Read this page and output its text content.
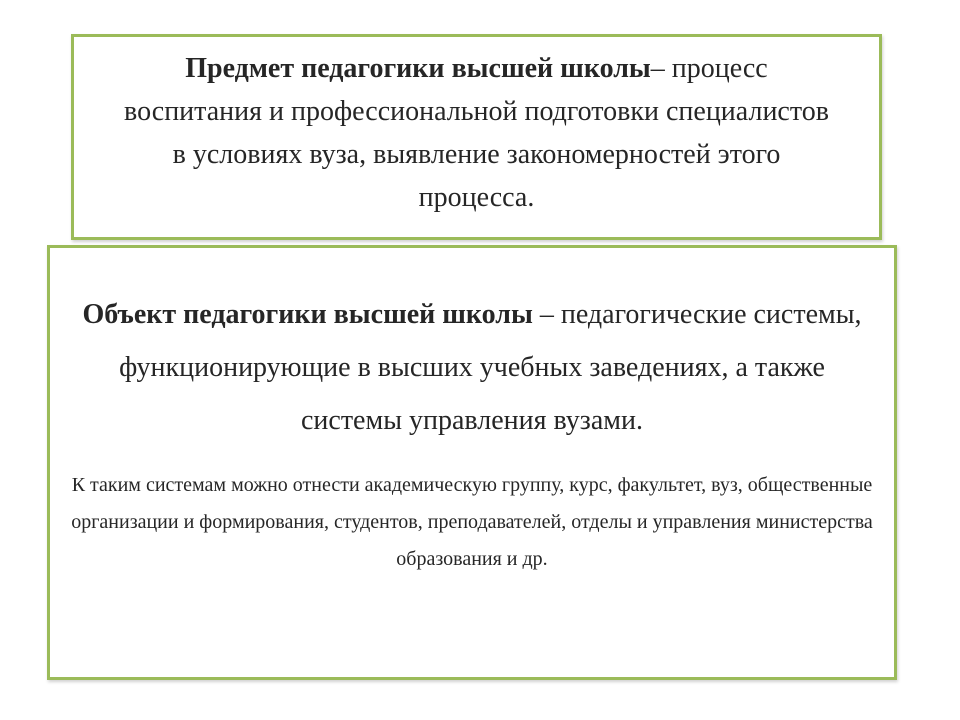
Предмет педагогики высшей школы– процесс воспитания и профессиональной подготовки специалистов в условиях вуза, выявление закономерностей этого процесса.

Объект педагогики высшей школы – педагогические системы, функционирующие в высших учебных заведениях, а также системы управления вузами.

К таким системам можно отнести академическую группу, курс, факультет, вуз, общественные организации и формирования, студентов, преподавателей, отделы и управления министерства образования и др.
